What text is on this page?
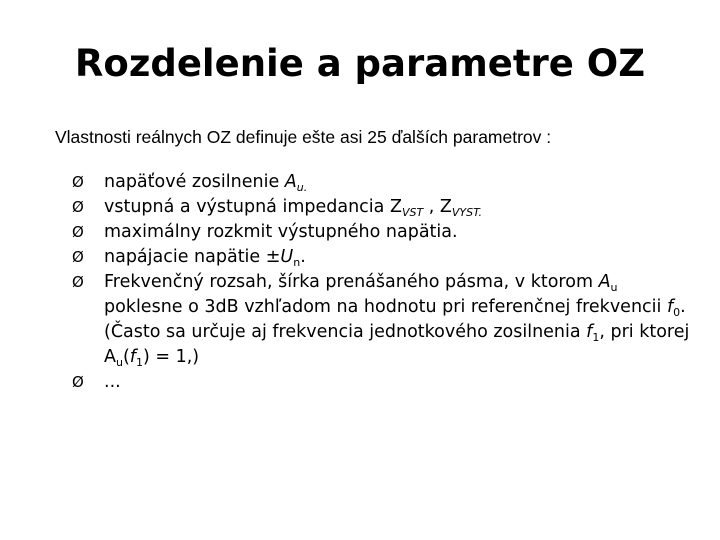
Rozdelenie a parametre OZ
Vlastnosti reálnych OZ definuje ešte asi 25 ďalších parametrov :
Ø	napäťové zosilnenie $A_{u.}$
Ø	vstupná a výstupná impedancia $Z_{VST}$ , $Z_{VYST.}$
Ø	maximálny rozkmit výstupného napätia.
Ø	napájacie napätie $\pm U_n$.
Ø	Frekvenčný rozsah, šírka prenášaného pásma, v ktorom $A_u$ poklesne o 3dB vzhľadom na hodnotu pri referenčnej frekvencii $f_0$. (Často sa určuje aj frekvencia jednotkového zosilnenia $f_1$, pri ktorej $A_u(f_1) = 1$,)
Ø	...
